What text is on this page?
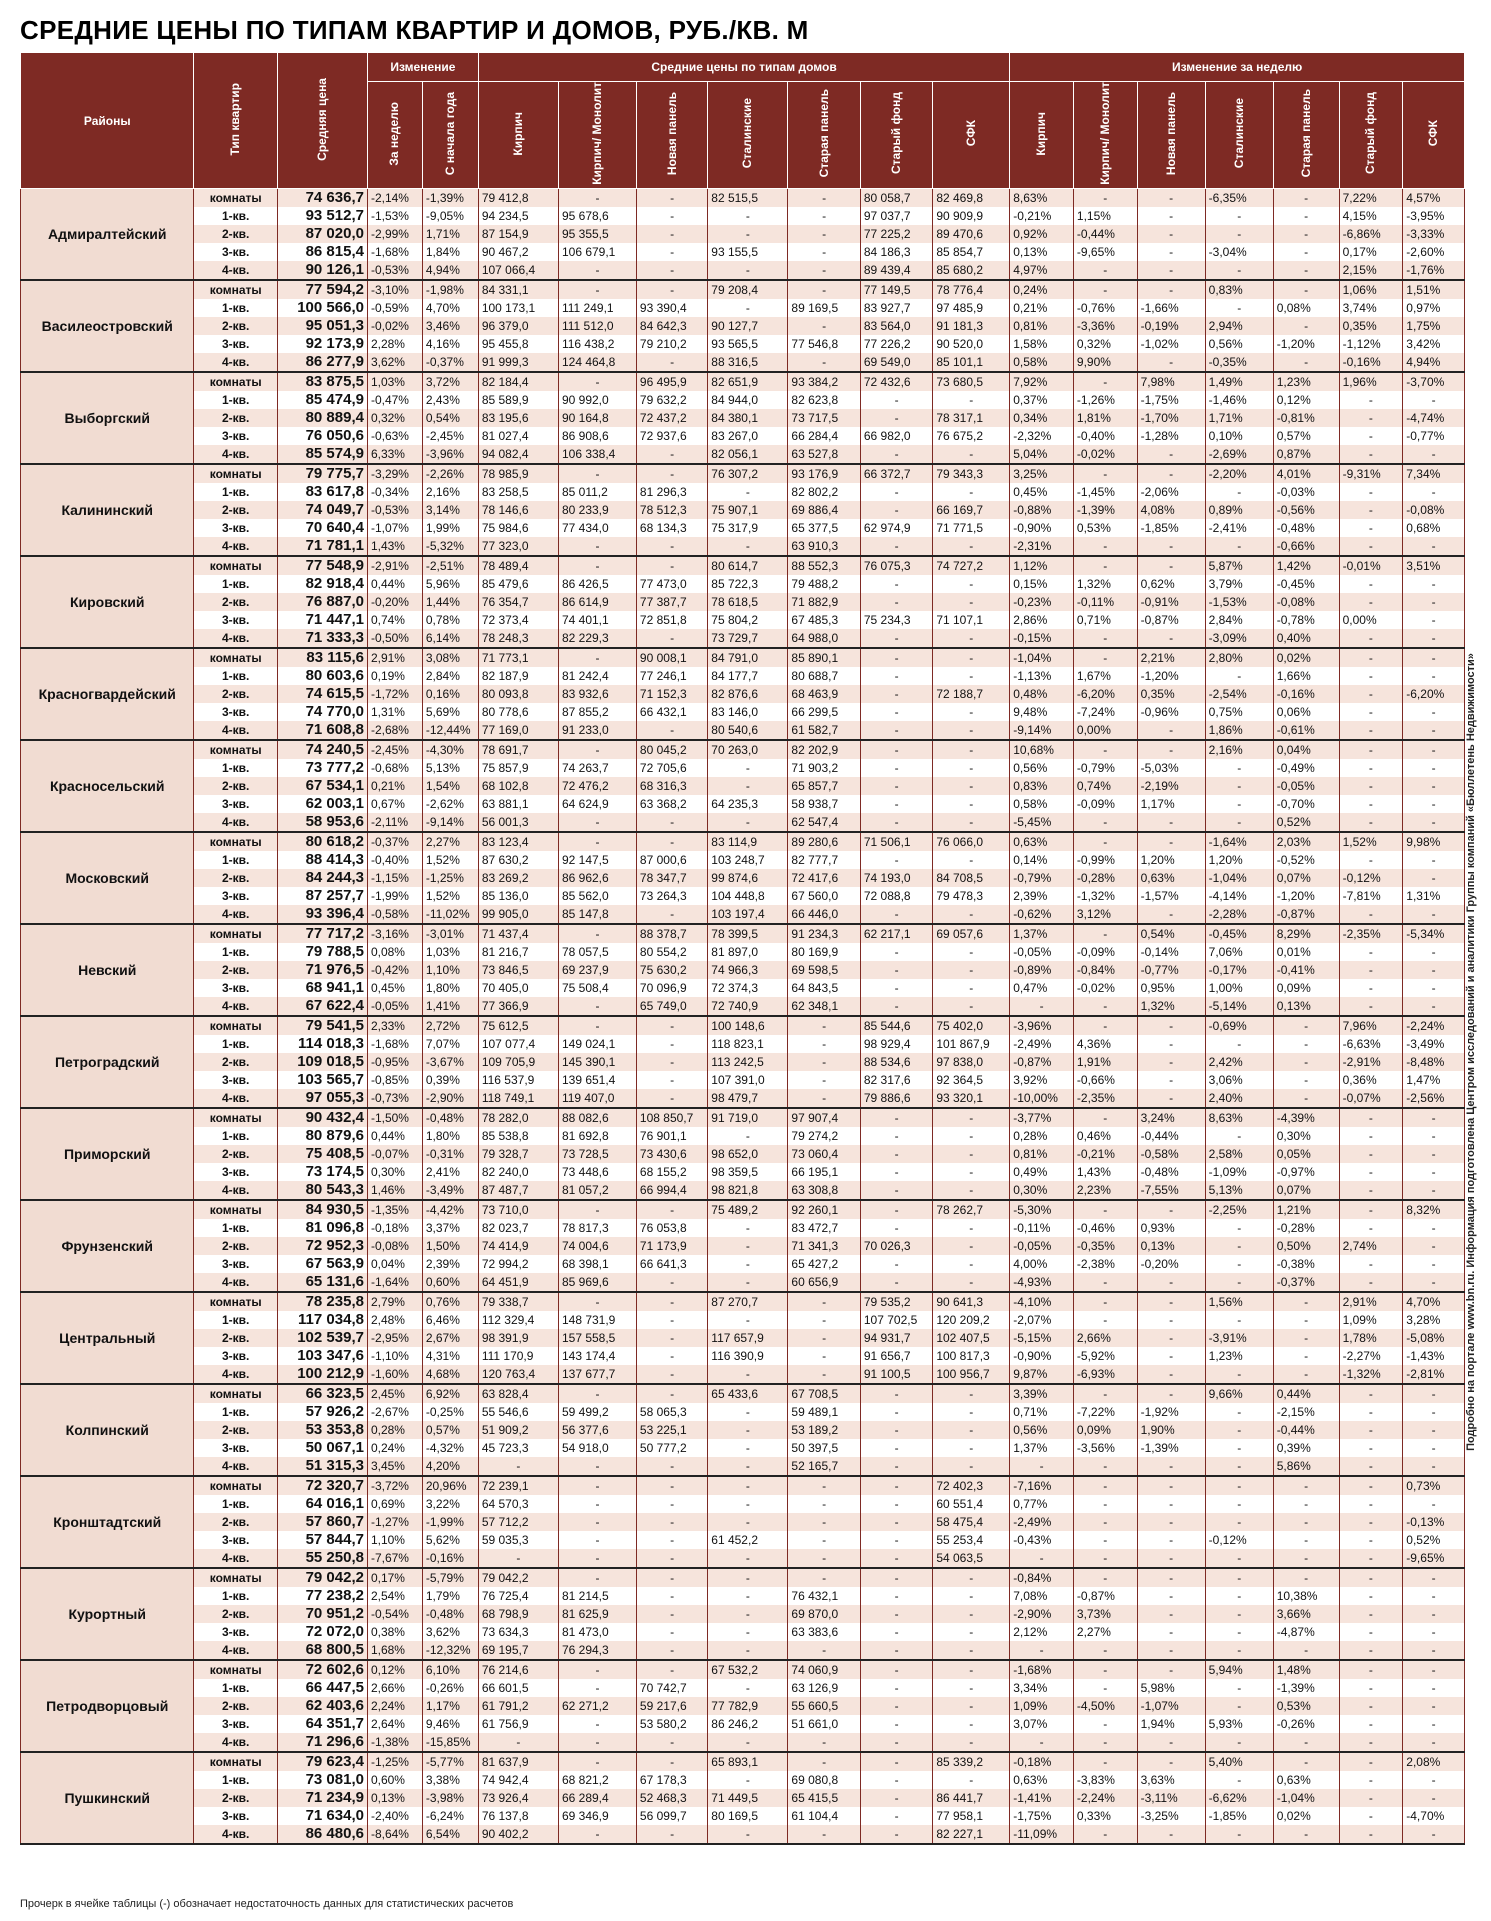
СРЕДНИЕ ЦЕНЫ ПО ТИПАМ КВАРТИР И ДОМОВ, РУБ./КВ. М
Районы	Тип квартир	Средняя цена	Изменение		Средние цены по типам домов							Изменение за неделю						
			За неделю	С начала года	Кирпич	Кирпич/ Монолит	Новая панель	Сталинские	Старая панель	Старый фонд	СФК	Кирпич	Кирпич/ Монолит	Новая панель	Сталинские	Старая панель	Старый фонд	СФК
Адмиралтейский	комнаты	74 636,7	-2,14%	-1,39%	79 412,8	-	-	82 515,5	-	80 058,7	82 469,8	8,63%	-	-	-6,35%	-	7,22%	4,57%
	1-кв.	93 512,7	-1,53%	-9,05%	94 234,5	95 678,6	-	-	-	97 037,7	90 909,9	-0,21%	1,15%	-	-	-	4,15%	-3,95%
	2-кв.	87 020,0	-2,99%	1,71%	87 154,9	95 355,5	-	-	-	77 225,2	89 470,6	0,92%	-0,44%	-	-	-	-6,86%	-3,33%
	3-кв.	86 815,4	-1,68%	1,84%	90 467,2	106 679,1	-	93 155,5	-	84 186,3	85 854,7	0,13%	-9,65%	-	-3,04%	-	0,17%	-2,60%
	4-кв.	90 126,1	-0,53%	4,94%	107 066,4	-	-	-	-	89 439,4	85 680,2	4,97%	-	-	-	-	2,15%	-1,76%
Василеостровский	комнаты	77 594,2	-3,10%	-1,98%	84 331,1	-	-	79 208,4	-	77 149,5	78 776,4	0,24%	-	-	0,83%	-	1,06%	1,51%
	1-кв.	100 566,0	-0,59%	4,70%	100 173,1	111 249,1	93 390,4	-	89 169,5	83 927,7	97 485,9	0,21%	-0,76%	-1,66%	-	0,08%	3,74%	0,97%
	2-кв.	95 051,3	-0,02%	3,46%	96 379,0	111 512,0	84 642,3	90 127,7	-	83 564,0	91 181,3	0,81%	-3,36%	-0,19%	2,94%	-	0,35%	1,75%
	3-кв.	92 173,9	2,28%	4,16%	95 455,8	116 438,2	79 210,2	93 565,5	77 546,8	77 226,2	90 520,0	1,58%	0,32%	-1,02%	0,56%	-1,20%	-1,12%	3,42%
	4-кв.	86 277,9	3,62%	-0,37%	91 999,3	124 464,8	-	88 316,5	-	69 549,0	85 101,1	0,58%	9,90%	-	-0,35%	-	-0,16%	4,94%
Выборгский	комнаты	83 875,5	1,03%	3,72%	82 184,4	-	96 495,9	82 651,9	93 384,2	72 432,6	73 680,5	7,92%	-	7,98%	1,49%	1,23%	1,96%	-3,70%
	1-кв.	85 474,9	-0,47%	2,43%	85 589,9	90 992,0	79 632,2	84 944,0	82 623,8	-	-	0,37%	-1,26%	-1,75%	-1,46%	0,12%	-	-
	2-кв.	80 889,4	0,32%	0,54%	83 195,6	90 164,8	72 437,2	84 380,1	73 717,5	-	78 317,1	0,34%	1,81%	-1,70%	1,71%	-0,81%	-	-4,74%
	3-кв.	76 050,6	-0,63%	-2,45%	81 027,4	86 908,6	72 937,6	83 267,0	66 284,4	66 982,0	76 675,2	-2,32%	-0,40%	-1,28%	0,10%	0,57%	-	-0,77%
	4-кв.	85 574,9	6,33%	-3,96%	94 082,4	106 338,4	-	82 056,1	63 527,8	-	-	5,04%	-0,02%	-	-2,69%	0,87%	-	-
Калининский	комнаты	79 775,7	-3,29%	-2,26%	78 985,9	-	-	76 307,2	93 176,9	66 372,7	79 343,3	3,25%	-	-	-2,20%	4,01%	-9,31%	7,34%
	1-кв.	83 617,8	-0,34%	2,16%	83 258,5	85 011,2	81 296,3	-	82 802,2	-	-	0,45%	-1,45%	-2,06%	-	-0,03%	-	-
	2-кв.	74 049,7	-0,53%	3,14%	78 146,6	80 233,9	78 512,3	75 907,1	69 886,4	-	66 169,7	-0,88%	-1,39%	4,08%	0,89%	-0,56%	-	-0,08%
	3-кв.	70 640,4	-1,07%	1,99%	75 984,6	77 434,0	68 134,3	75 317,9	65 377,5	62 974,9	71 771,5	-0,90%	0,53%	-1,85%	-2,41%	-0,48%	-	0,68%
	4-кв.	71 781,1	1,43%	-5,32%	77 323,0	-	-	-	63 910,3	-	-	-2,31%	-	-	-	-0,66%	-	-
Кировский	комнаты	77 548,9	-2,91%	-2,51%	78 489,4	-	-	80 614,7	88 552,3	76 075,3	74 727,2	1,12%	-	-	5,87%	1,42%	-0,01%	3,51%
	1-кв.	82 918,4	0,44%	5,96%	85 479,6	86 426,5	77 473,0	85 722,3	79 488,2	-	-	0,15%	1,32%	0,62%	3,79%	-0,45%	-	-
	2-кв.	76 887,0	-0,20%	1,44%	76 354,7	86 614,9	77 387,7	78 618,5	71 882,9	-	-	-0,23%	-0,11%	-0,91%	-1,53%	-0,08%	-	-
	3-кв.	71 447,1	0,74%	0,78%	72 373,4	74 401,1	72 851,8	75 804,2	67 485,3	75 234,3	71 107,1	2,86%	0,71%	-0,87%	2,84%	-0,78%	0,00%	-
	4-кв.	71 333,3	-0,50%	6,14%	78 248,3	82 229,3	-	73 729,7	64 988,0	-	-	-0,15%	-	-	-3,09%	0,40%	-	-
Красногвардейский	комнаты	83 115,6	2,91%	3,08%	71 773,1	-	90 008,1	84 791,0	85 890,1	-	-	-1,04%	-	2,21%	2,80%	0,02%	-	-
	1-кв.	80 603,6	0,19%	2,84%	82 187,9	81 242,4	77 246,1	84 177,7	80 688,7	-	-	-1,13%	1,67%	-1,20%	-	1,66%	-	-
	2-кв.	74 615,5	-1,72%	0,16%	80 093,8	83 932,6	71 152,3	82 876,6	68 463,9	-	72 188,7	0,48%	-6,20%	0,35%	-2,54%	-0,16%	-	-6,20%
	3-кв.	74 770,0	1,31%	5,69%	80 778,6	87 855,2	66 432,1	83 146,0	66 299,5	-	-	9,48%	-7,24%	-0,96%	0,75%	0,06%	-	-
	4-кв.	71 608,8	-2,68%	-12,44%	77 169,0	91 233,0	-	80 540,6	61 582,7	-	-	-9,14%	0,00%	-	1,86%	-0,61%	-	-
Красносельский	комнаты	74 240,5	-2,45%	-4,30%	78 691,7	-	80 045,2	70 263,0	82 202,9	-	-	10,68%	-	-	2,16%	0,04%	-	-
	1-кв.	73 777,2	-0,68%	5,13%	75 857,9	74 263,7	72 705,6	-	71 903,2	-	-	0,56%	-0,79%	-5,03%	-	-0,49%	-	-
	2-кв.	67 534,1	0,21%	1,54%	68 102,8	72 476,2	68 316,3	-	65 857,7	-	-	0,83%	0,74%	-2,19%	-	-0,05%	-	-
	3-кв.	62 003,1	0,67%	-2,62%	63 881,1	64 624,9	63 368,2	64 235,3	58 938,7	-	-	0,58%	-0,09%	1,17%	-	-0,70%	-	-
	4-кв.	58 953,6	-2,11%	-9,14%	56 001,3	-	-	-	62 547,4	-	-	-5,45%	-	-	-	0,52%	-	-
Московский	комнаты	80 618,2	-0,37%	2,27%	83 123,4	-	-	83 114,9	89 280,6	71 506,1	76 066,0	0,63%	-	-	-1,64%	2,03%	1,52%	9,98%
	1-кв.	88 414,3	-0,40%	1,52%	87 630,2	92 147,5	87 000,6	103 248,7	82 777,7	-	-	0,14%	-0,99%	1,20%	1,20%	-0,52%	-	-
	2-кв.	84 244,3	-1,15%	-1,25%	83 269,2	86 962,6	78 347,7	99 874,6	72 417,6	74 193,0	84 708,5	-0,79%	-0,28%	0,63%	-1,04%	0,07%	-0,12%	-
	3-кв.	87 257,7	-1,99%	1,52%	85 136,0	85 562,0	73 264,3	104 448,8	67 560,0	72 088,8	79 478,3	2,39%	-1,32%	-1,57%	-4,14%	-1,20%	-7,81%	1,31%
	4-кв.	93 396,4	-0,58%	-11,02%	99 905,0	85 147,8	-	103 197,4	66 446,0	-	-	-0,62%	3,12%	-	-2,28%	-0,87%	-	-
Невский	комнаты	77 717,2	-3,16%	-3,01%	71 437,4	-	88 378,7	78 399,5	91 234,3	62 217,1	69 057,6	1,37%	-	0,54%	-0,45%	8,29%	-2,35%	-5,34%
	1-кв.	79 788,5	0,08%	1,03%	81 216,7	78 057,5	80 554,2	81 897,0	80 169,9	-	-	-0,05%	-0,09%	-0,14%	7,06%	0,01%	-	-
	2-кв.	71 976,5	-0,42%	1,10%	73 846,5	69 237,9	75 630,2	74 966,3	69 598,5	-	-	-0,89%	-0,84%	-0,77%	-0,17%	-0,41%	-	-
	3-кв.	68 941,1	0,45%	1,80%	70 405,0	75 508,4	70 096,9	72 374,3	64 843,5	-	-	0,47%	-0,02%	0,95%	1,00%	0,09%	-	-
	4-кв.	67 622,4	-0,05%	1,41%	77 366,9	-	65 749,0	72 740,9	62 348,1	-	-	-	-	1,32%	-5,14%	0,13%	-	-
Петроградский	комнаты	79 541,5	2,33%	2,72%	75 612,5	-	-	100 148,6	-	85 544,6	75 402,0	-3,96%	-	-	-0,69%	-	7,96%	-2,24%
	1-кв.	114 018,3	-1,68%	7,07%	107 077,4	149 024,1	-	118 823,1	-	98 929,4	101 867,9	-2,49%	4,36%	-	-	-	-6,63%	-3,49%
	2-кв.	109 018,5	-0,95%	-3,67%	109 705,9	145 390,1	-	113 242,5	-	88 534,6	97 838,0	-0,87%	1,91%	-	2,42%	-	-2,91%	-8,48%
	3-кв.	103 565,7	-0,85%	0,39%	116 537,9	139 651,4	-	107 391,0	-	82 317,6	92 364,5	3,92%	-0,66%	-	3,06%	-	0,36%	1,47%
	4-кв.	97 055,3	-0,73%	-2,90%	118 749,1	119 407,0	-	98 479,7	-	79 886,6	93 320,1	-10,00%	-2,35%	-	2,40%	-	-0,07%	-2,56%
Приморский	комнаты	90 432,4	-1,50%	-0,48%	78 282,0	88 082,6	108 850,7	91 719,0	97 907,4	-	-	-3,77%	-	3,24%	8,63%	-4,39%	-	-
	1-кв.	80 879,6	0,44%	1,80%	85 538,8	81 692,8	76 901,1	-	79 274,2	-	-	0,28%	0,46%	-0,44%	-	0,30%	-	-
	2-кв.	75 408,5	-0,07%	-0,31%	79 328,7	73 728,5	73 430,6	98 652,0	73 060,4	-	-	0,81%	-0,21%	-0,58%	2,58%	0,05%	-	-
	3-кв.	73 174,5	0,30%	2,41%	82 240,0	73 448,6	68 155,2	98 359,5	66 195,1	-	-	0,49%	1,43%	-0,48%	-1,09%	-0,97%	-	-
	4-кв.	80 543,3	1,46%	-3,49%	87 487,7	81 057,2	66 994,4	98 821,8	63 308,8	-	-	0,30%	2,23%	-7,55%	5,13%	0,07%	-	-
Фрунзенский	комнаты	84 930,5	-1,35%	-4,42%	73 710,0	-	-	75 489,2	92 260,1	-	78 262,7	-5,30%	-	-	-2,25%	1,21%	-	8,32%
	1-кв.	81 096,8	-0,18%	3,37%	82 023,7	78 817,3	76 053,8	-	83 472,7	-	-	-0,11%	-0,46%	0,93%	-	-0,28%	-	-
	2-кв.	72 952,3	-0,08%	1,50%	74 414,9	74 004,6	71 173,9	-	71 341,3	70 026,3	-	-0,05%	-0,35%	0,13%	-	0,50%	2,74%	-
	3-кв.	67 563,9	0,04%	2,39%	72 994,2	68 398,1	66 641,3	-	65 427,2	-	-	4,00%	-2,38%	-0,20%	-	-0,38%	-	-
	4-кв.	65 131,6	-1,64%	0,60%	64 451,9	85 969,6	-	-	60 656,9	-	-	-4,93%	-	-	-	-0,37%	-	-
Центральный	комнаты	78 235,8	2,79%	0,76%	79 338,7	-	-	87 270,7	-	79 535,2	90 641,3	-4,10%	-	-	1,56%	-	2,91%	4,70%
	1-кв.	117 034,8	2,48%	6,46%	112 329,4	148 731,9	-	-	-	107 702,5	120 209,2	-2,07%	-	-	-	-	1,09%	3,28%
	2-кв.	102 539,7	-2,95%	2,67%	98 391,9	157 558,5	-	117 657,9	-	94 931,7	102 407,5	-5,15%	2,66%	-	-3,91%	-	1,78%	-5,08%
	3-кв.	103 347,6	-1,10%	4,31%	111 170,9	143 174,4	-	116 390,9	-	91 656,7	100 817,3	-0,90%	-5,92%	-	1,23%	-	-2,27%	-1,43%
	4-кв.	100 212,9	-1,60%	4,68%	120 763,4	137 677,7	-	-	-	91 100,5	100 956,7	9,87%	-6,93%	-	-	-	-1,32%	-2,81%
Колпинский	комнаты	66 323,5	2,45%	6,92%	63 828,4	-	-	65 433,6	67 708,5	-	-	3,39%	-	-	9,66%	0,44%	-	-
	1-кв.	57 926,2	-2,67%	-0,25%	55 546,6	59 499,2	58 065,3	-	59 489,1	-	-	0,71%	-7,22%	-1,92%	-	-2,15%	-	-
	2-кв.	53 353,8	0,28%	0,57%	51 909,2	56 377,6	53 225,1	-	53 189,2	-	-	0,56%	0,09%	1,90%	-	-0,44%	-	-
	3-кв.	50 067,1	0,24%	-4,32%	45 723,3	54 918,0	50 777,2	-	50 397,5	-	-	1,37%	-3,56%	-1,39%	-	0,39%	-	-
	4-кв.	51 315,3	3,45%	4,20%	-	-	-	-	52 165,7	-	-	-	-	-	-	5,86%	-	-
Кронштадтский	комнаты	72 320,7	-3,72%	20,96%	72 239,1	-	-	-	-	-	72 402,3	-7,16%	-	-	-	-	-	0,73%
	1-кв.	64 016,1	0,69%	3,22%	64 570,3	-	-	-	-	-	60 551,4	0,77%	-	-	-	-	-	-
	2-кв.	57 860,7	-1,27%	-1,99%	57 712,2	-	-	-	-	-	58 475,4	-2,49%	-	-	-	-	-	-0,13%
	3-кв.	57 844,7	1,10%	5,62%	59 035,3	-	-	61 452,2	-	-	55 253,4	-0,43%	-	-	-0,12%	-	-	0,52%
	4-кв.	55 250,8	-7,67%	-0,16%	-	-	-	-	-	-	54 063,5	-	-	-	-	-	-	-9,65%
Курортный	комнаты	79 042,2	0,17%	-5,79%	79 042,2	-	-	-	-	-	-	-0,84%	-	-	-	-	-	-
	1-кв.	77 238,2	2,54%	1,79%	76 725,4	81 214,5	-	-	76 432,1	-	-	7,08%	-0,87%	-	-	10,38%	-	-
	2-кв.	70 951,2	-0,54%	-0,48%	68 798,9	81 625,9	-	-	69 870,0	-	-	-2,90%	3,73%	-	-	3,66%	-	-
	3-кв.	72 072,0	0,38%	3,62%	73 634,3	81 473,0	-	-	63 383,6	-	-	2,12%	2,27%	-	-	-4,87%	-	-
	4-кв.	68 800,5	1,68%	-12,32%	69 195,7	76 294,3	-	-	-	-	-	-	-	-	-	-	-	-
Петродворцовый	комнаты	72 602,6	0,12%	6,10%	76 214,6	-	-	67 532,2	74 060,9	-	-	-1,68%	-	-	5,94%	1,48%	-	-
	1-кв.	66 447,5	2,66%	-0,26%	66 601,5	-	70 742,7	-	63 126,9	-	-	3,34%	-	5,98%	-	-1,39%	-	-
	2-кв.	62 403,6	2,24%	1,17%	61 791,2	62 271,2	59 217,6	77 782,9	55 660,5	-	-	1,09%	-4,50%	-1,07%	-	0,53%	-	-
	3-кв.	64 351,7	2,64%	9,46%	61 756,9	-	53 580,2	86 246,2	51 661,0	-	-	3,07%	-	1,94%	5,93%	-0,26%	-	-
	4-кв.	71 296,6	-1,38%	-15,85%	-	-	-	-	-	-	-	-	-	-	-	-	-	-
Пушкинский	комнаты	79 623,4	-1,25%	-5,77%	81 637,9	-	-	65 893,1	-	-	85 339,2	-0,18%	-	-	5,40%	-	-	2,08%
	1-кв.	73 081,0	0,60%	3,38%	74 942,4	68 821,2	67 178,3	-	69 080,8	-	-	0,63%	-3,83%	3,63%	-	0,63%	-	-
	2-кв.	71 234,9	0,13%	-3,98%	73 926,4	66 289,4	52 468,3	71 449,5	65 415,5	-	86 441,7	-1,41%	-2,24%	-3,11%	-6,62%	-1,04%	-	-
	3-кв.	71 634,0	-2,40%	-6,24%	76 137,8	69 346,9	56 099,7	80 169,5	61 104,4	-	77 958,1	-1,75%	0,33%	-3,25%	-1,85%	0,02%	-	-4,70%
	4-кв.	86 480,6	-8,64%	6,54%	90 402,2	-	-	-	-	-	82 227,1	-11,09%	-	-	-	-	-	-

Прочерк в ячейке таблицы (-) обозначает недостаточность данных для статистических расчетов

Подробно на портале www.bn.ru. Информация подготовлена Центром исследований и аналитики Группы компаний «Бюллетень Недвижимости»
